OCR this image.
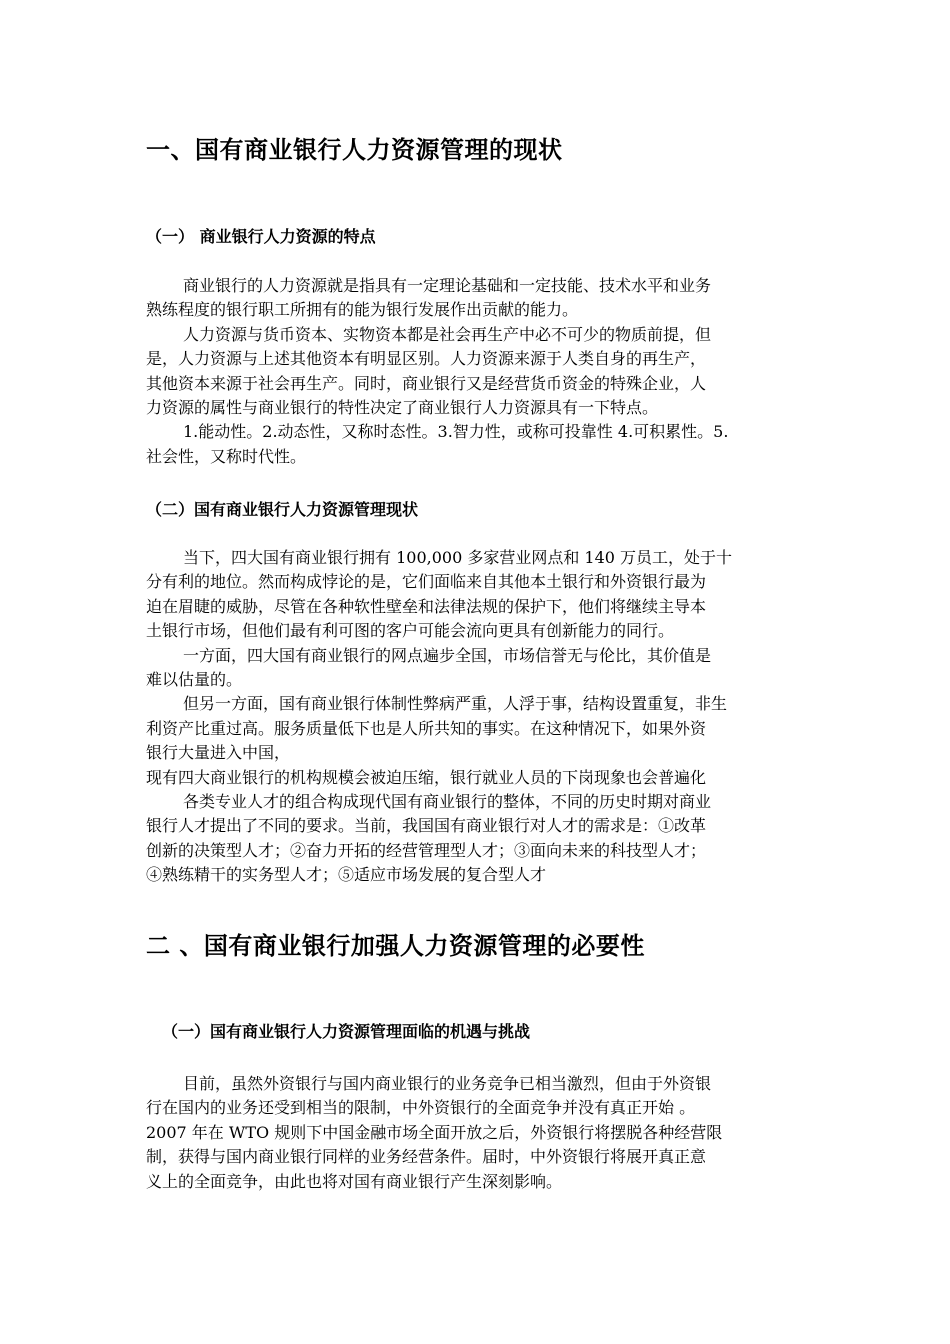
一、国有商业银行人力资源管理的现状
（一） 商业银行人力资源的特点
商业银行的人力资源就是指具有一定理论基础和一定技能、技术水平和业务
熟练程度的银行职工所拥有的能为银行发展作出贡献的能力。
人力资源与货币资本、实物资本都是社会再生产中必不可少的物质前提，但
是，人力资源与上述其他资本有明显区别。人力资源来源于人类自身的再生产，
其他资本来源于社会再生产。同时，商业银行又是经营货币资金的特殊企业，人
力资源的属性与商业银行的特性决定了商业银行人力资源具有一下特点。
1.能动性。2.动态性，又称时态性。3.智力性，或称可投靠性 4.可积累性。5.
社会性，又称时代性。
（二）国有商业银行人力资源管理现状
当下，四大国有商业银行拥有 100,000 多家营业网点和 140 万员工，处于十
分有利的地位。然而构成悖论的是，它们面临来自其他本土银行和外资银行最为
迫在眉睫的威胁，尽管在各种软性壁垒和法律法规的保护下，他们将继续主导本
土银行市场，但他们最有利可图的客户可能会流向更具有创新能力的同行。
一方面，四大国有商业银行的网点遍步全国，市场信誉无与伦比，其价值是
难以估量的。
但另一方面，国有商业银行体制性弊病严重，人浮于事，结构设置重复，非生
利资产比重过高。服务质量低下也是人所共知的事实。在这种情况下，如果外资
银行大量进入中国，
现有四大商业银行的机构规模会被迫压缩，银行就业人员的下岗现象也会普遍化
各类专业人才的组合构成现代国有商业银行的整体，不同的历史时期对商业
银行人才提出了不同的要求。当前，我国国有商业银行对人才的需求是：①改革
创新的决策型人才；②奋力开拓的经营管理型人才；③面向未来的科技型人才；
④熟练精干的实务型人才；⑤适应市场发展的复合型人才
二 、国有商业银行加强人力资源管理的必要性
（一）国有商业银行人力资源管理面临的机遇与挑战
目前，虽然外资银行与国内商业银行的业务竞争已相当激烈，但由于外资银
行在国内的业务还受到相当的限制，中外资银行的全面竞争并没有真正开始 。
2007 年在 WTO 规则下中国金融市场全面开放之后，外资银行将摆脱各种经营限
制，获得与国内商业银行同样的业务经营条件。届时，中外资银行将展开真正意
义上的全面竞争，由此也将对国有商业银行产生深刻影响。
